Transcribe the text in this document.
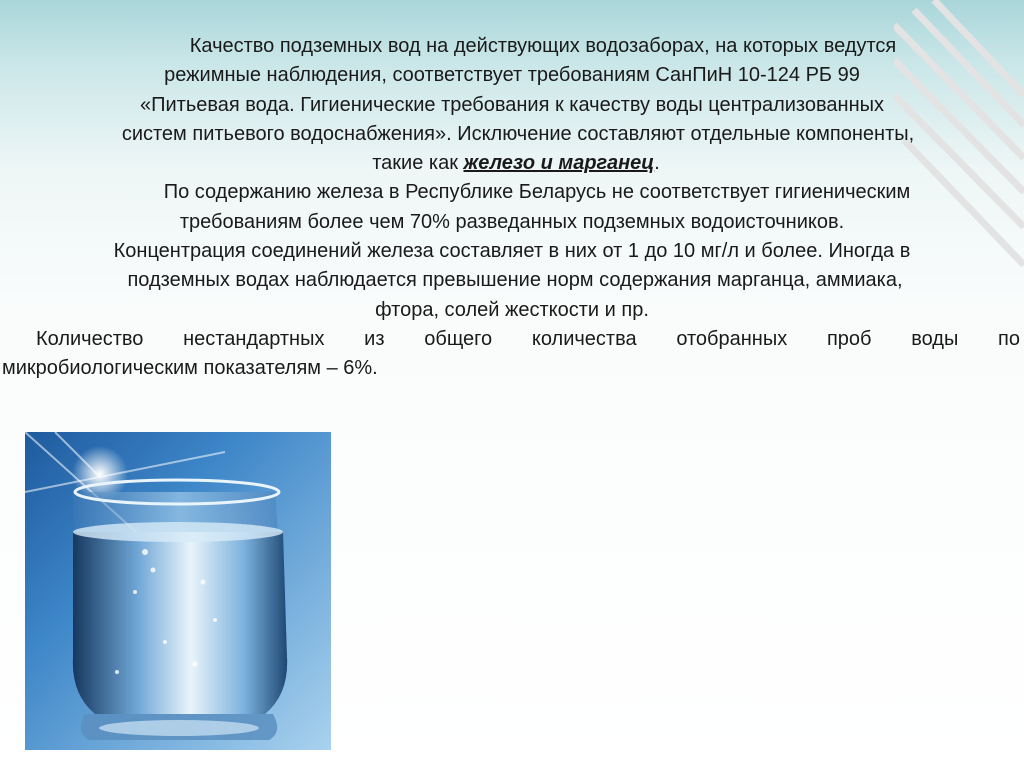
Качество подземных вод на действующих водозаборах, на которых ведутся

режимные наблюдения, соответствует требованиям СанПиН 10-124 РБ 99

«Питьевая вода. Гигиенические требования к качеству воды централизованных

систем питьевого водоснабжения». Исключение составляют отдельные компоненты,

такие как железо и марганец.

По содержанию железа в Республике Беларусь не соответствует гигиеническим

требованиям более чем 70% разведанных подземных водоисточников.

Концентрация соединений железа составляет в них от 1 до 10 мг/л и более. Иногда в

подземных водах наблюдается превышение норм содержания марганца, аммиака,

фтора, солей жесткости и пр.

Количество нестандартных из общего количества отобранных проб воды по

микробиологическим показателям – 6%.
